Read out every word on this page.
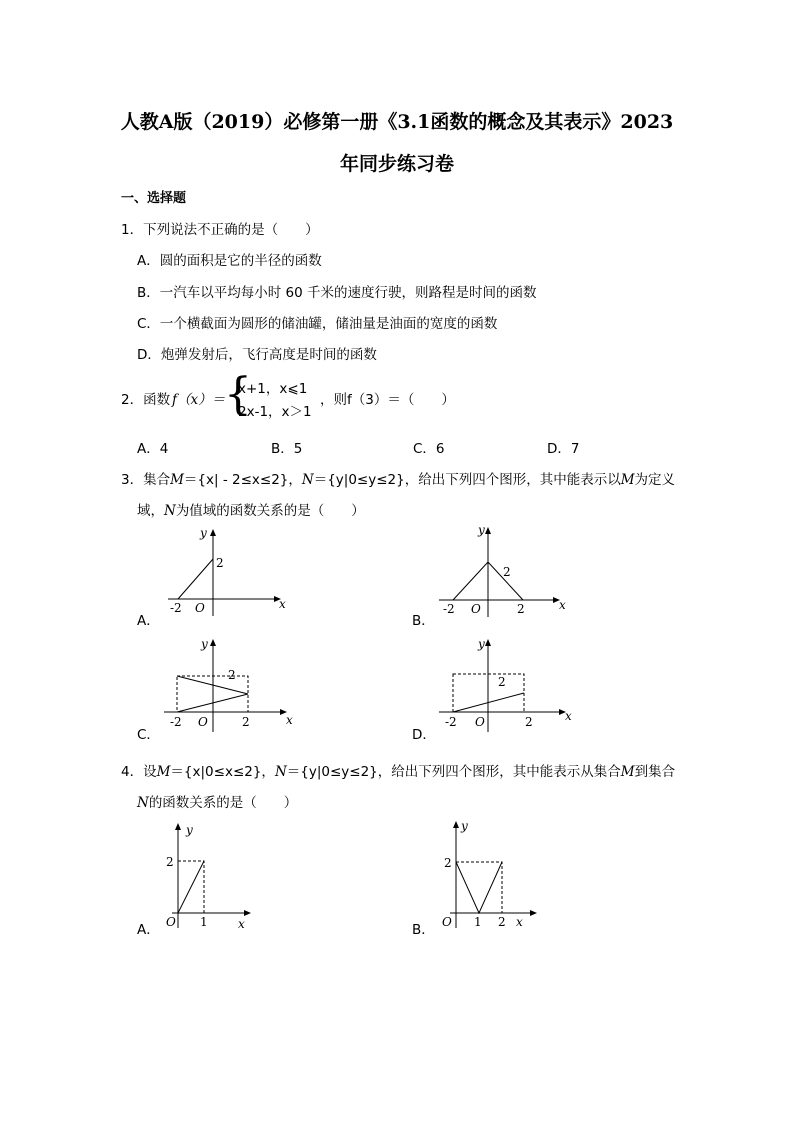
人教A版（2019）必修第一册《3.1函数的概念及其表示》2023
年同步练习卷
一、选择题
1．下列说法不正确的是（　　）
A．圆的面积是它的半径的函数
B．一汽车以平均每小时 60 千米的速度行驶，则路程是时间的函数
C．一个横截面为圆形的储油罐，储油量是油面的宽度的函数
D．炮弹发射后，飞行高度是时间的函数
2．函数 f（x）＝
{
x+1，x⩽1
2x-1，x＞1
，则f（3）＝（　　）
A．4	B．5	C．6	D．7
3．集合M＝{x| - 2≤x≤2}，N＝{y|0≤y≤2}，给出下列四个图形，其中能表示以M为定义
域，N为值域的函数关系的是（　　）
y
2
-2 O	x
A．
y
2
-2 O	2	x
B．
y
2
-2 O	2	x
C．
y
2
-2 O	2	x
D．
4．设M＝{x|0≤x≤2}，N＝{y|0≤y≤2}，给出下列四个图形，其中能表示从集合M到集合
N的函数关系的是（　　）
y
2
O 1	x
A．
y
2
O 1 2 x
B．
